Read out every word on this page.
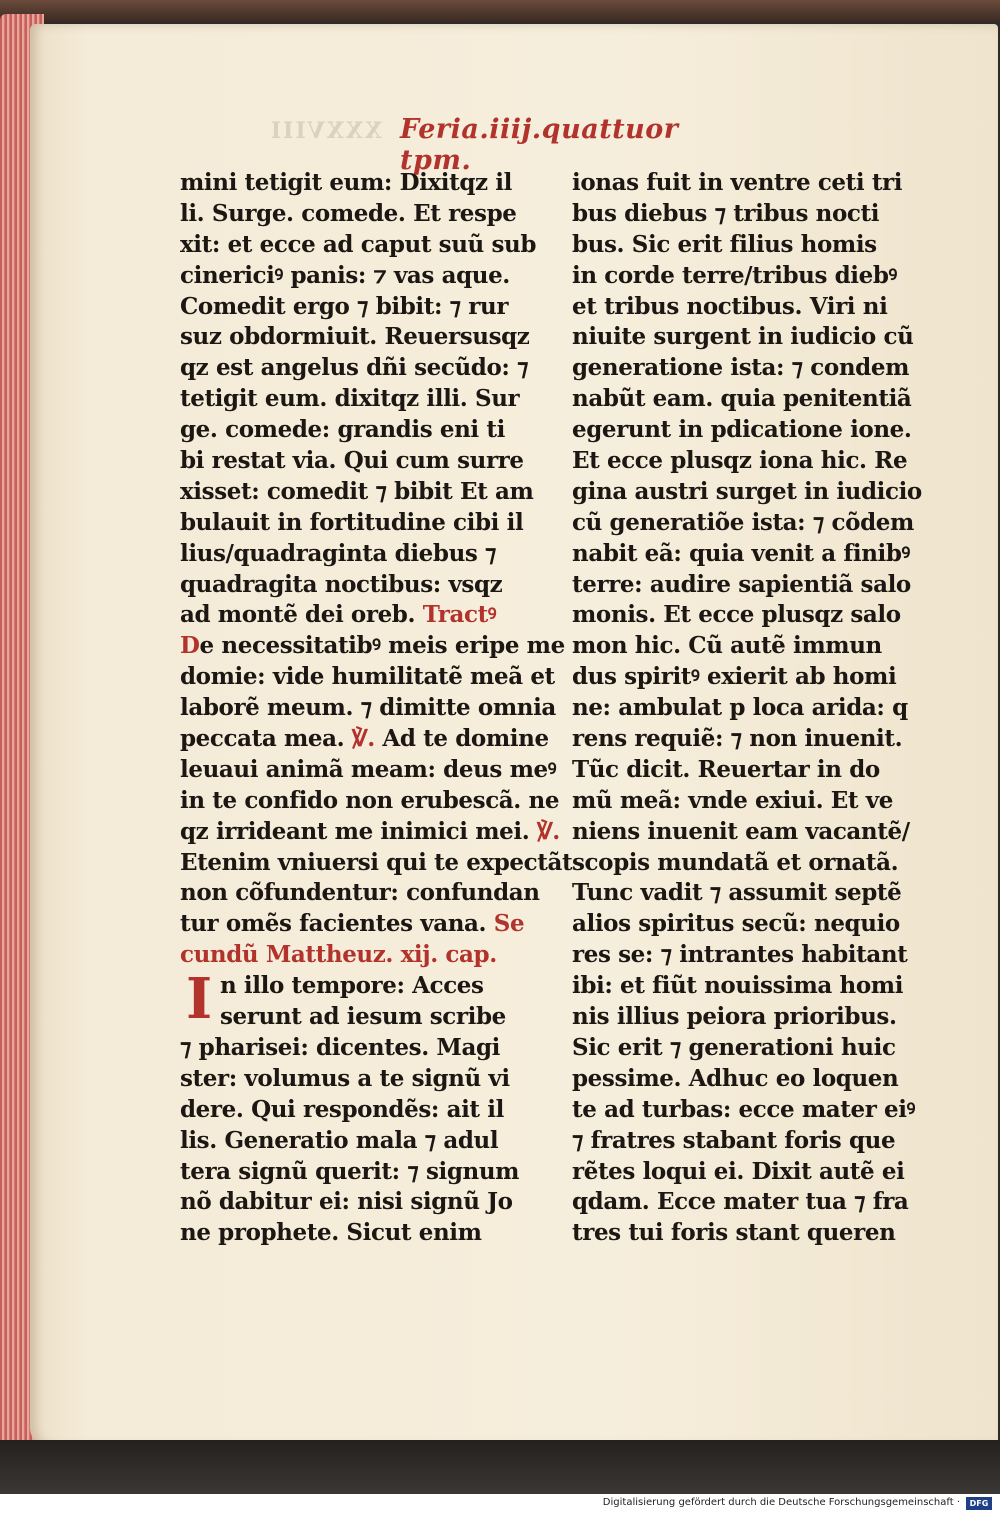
XXXVIII Feria.iiij.quattuor tpm.
I
mini tetigit eum: Dixitqz il
li. Surge. comede. Et respe
xit: et ecce ad caput suũ sub
cinericiꝰ panis: ⁊ vas aque.
Comedit ergo ⁊ bibit: ⁊ rur
suz obdormiuit. Reuersusqz
qz est angelus dñi secũdo: ⁊
tetigit eum. dixitqz illi. Sur
ge. comede: grandis eni ti
bi restat via. Qui cum surre
xisset: comedit ⁊ bibit Et am
bulauit in fortitudine cibi il
lius/quadraginta diebus ⁊
quadragita noctibus: vsqz
ad montẽ dei oreb. Tractꝰ
De necessitatibꝰ meis eripe me
domie: vide humilitatẽ meã et
laborẽ meum. ⁊ dimitte omnia
peccata mea. ℣. Ad te domine
leuaui animã meam: deus meꝰ
in te confido non erubescã. ne
qz irrideant me inimici mei. ℣.
Etenim vniuersi qui te expectãt
non cõfundentur: confundan
tur omẽs facientes vana. Se
cundũ Mattheuz. xij. cap.
n illo tempore: Acces
serunt ad iesum scribe
⁊ pharisei: dicentes. Magi
ster: volumus a te signũ vi
dere. Qui respondẽs: ait il
lis. Generatio mala ⁊ adul
tera signũ querit: ⁊ signum
nõ dabitur ei: nisi signũ Jo
ne prophete. Sicut enim
ionas fuit in ventre ceti tri
bus diebus ⁊ tribus nocti
bus. Sic erit filius homis
in corde terre/tribus diebꝰ
et tribus noctibus. Viri ni
niuite surgent in iudicio cũ
generatione ista: ⁊ condem
nabũt eam. quia penitentiã
egerunt in pdicatione ione.
Et ecce plusqz iona hic. Re
gina austri surget in iudicio
cũ generatiõe ista: ⁊ cõdem
nabit eã: quia venit a finibꝰ
terre: audire sapientiã salo
monis. Et ecce plusqz salo
mon hic. Cũ autẽ immun
dus spiritꝰ exierit ab homi
ne: ambulat p loca arida: q
rens requiẽ: ⁊ non inuenit.
Tũc dicit. Reuertar in do
mũ meã: vnde exiui. Et ve
niens inuenit eam vacantẽ/
scopis mundatã et ornatã.
Tunc vadit ⁊ assumit septẽ
alios spiritus secũ: nequio
res se: ⁊ intrantes habitant
ibi: et fiũt nouissima homi
nis illius peiora prioribus.
Sic erit ⁊ generationi huic
pessime. Adhuc eo loquen
te ad turbas: ecce mater eiꝰ
⁊ fratres stabant foris que
rẽtes loqui ei. Dixit autẽ ei
qdam. Ecce mater tua ⁊ fra
tres tui foris stant queren
Digitalisierung gefördert durch die Deutsche Forschungsgemeinschaft ·	DFG
